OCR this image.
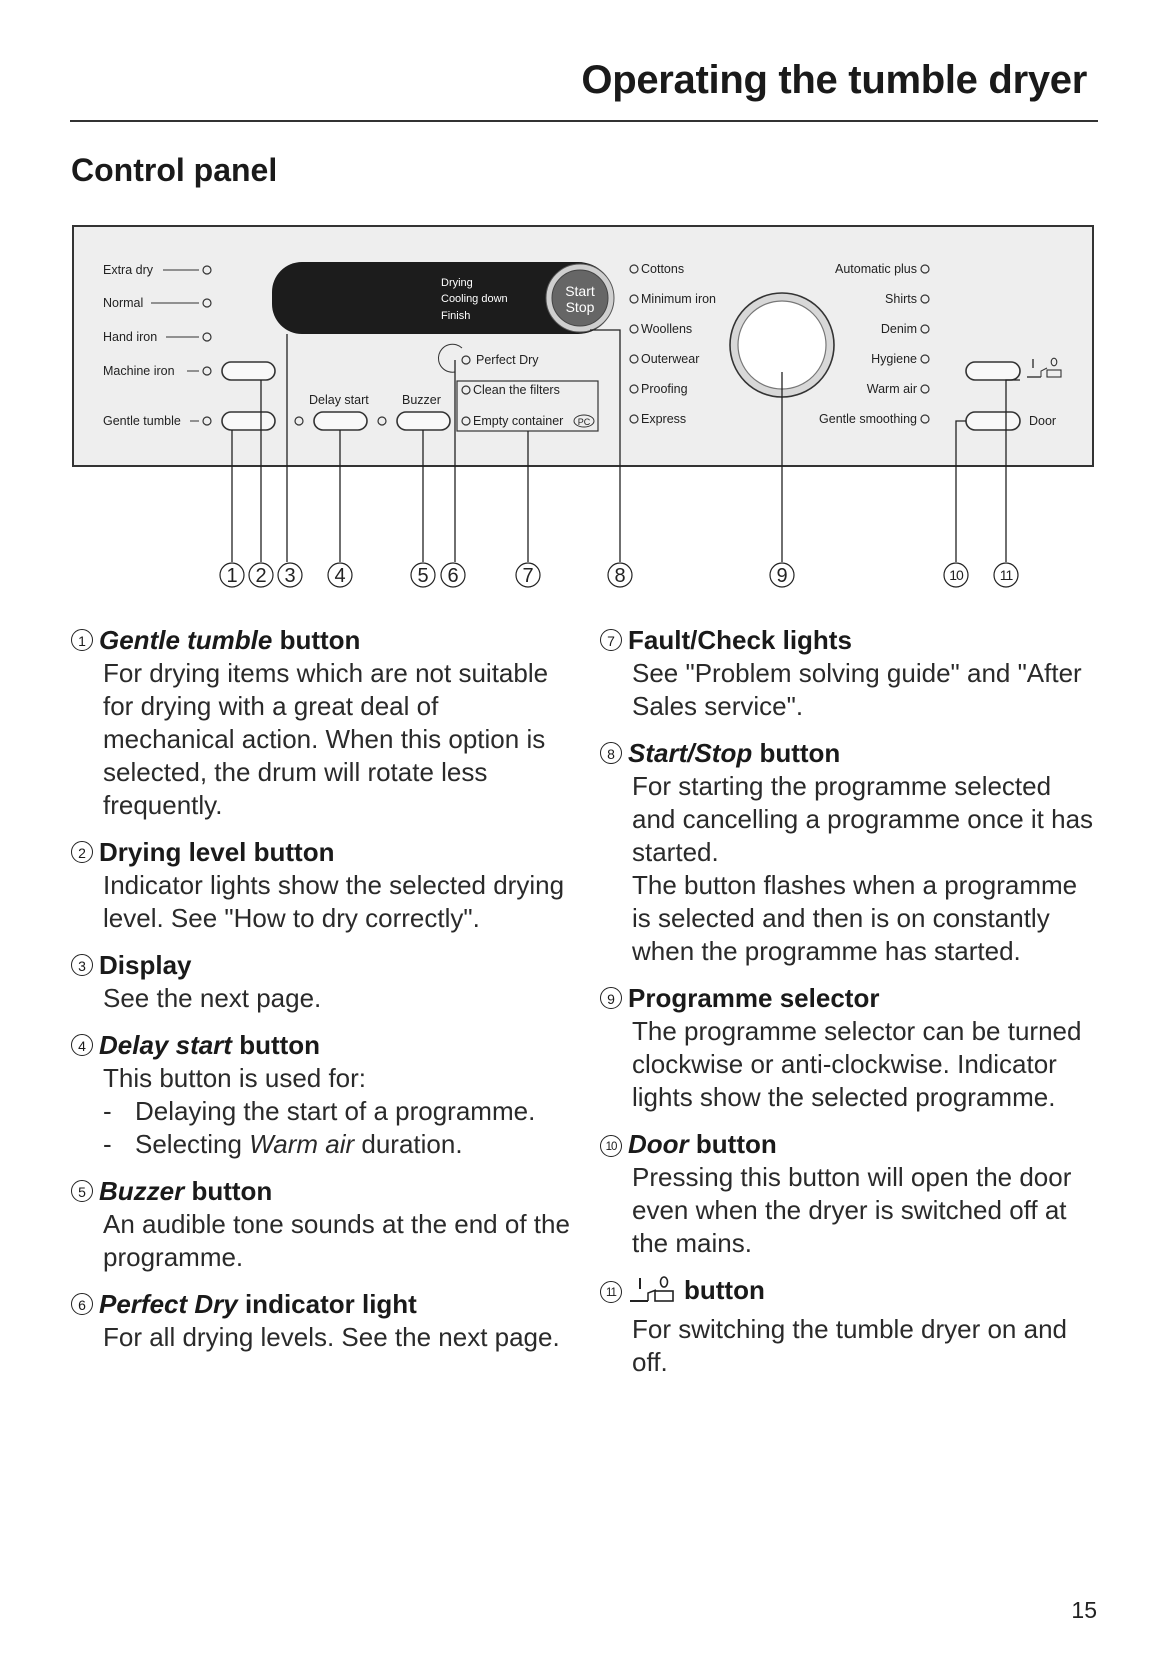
Operating the tumble dryer
Control panel
Extra dry
Normal
Hand iron
Machine iron
Gentle tumble
Delay start	Buzzer
Drying
Cooling down
Finish
Start
Stop
Perfect Dry
Clean the filters
Empty container PC
Cottons
Minimum iron
Woollens
Outerwear
Proofing
Express
Automatic plus
Shirts
Denim
Hygiene
Warm air
Gentle smoothing	Door
1 2 3 4	5 6	7	8	9	10	11
1 Gentle tumble button
For drying items which are not suitable for drying with a great deal of mechanical action. When this option is selected, the drum will rotate less frequently.
2 Drying level button
Indicator lights show the selected drying level. See "How to dry correctly".
3 Display
See the next page.
4 Delay start button
This button is used for:
- Delaying the start of a programme.
- Selecting Warm air duration.
5 Buzzer button
An audible tone sounds at the end of the programme.
6 Perfect Dry indicator light
For all drying levels. See the next page.
7 Fault/Check lights
See "Problem solving guide" and "After Sales service".
8 Start/Stop button
For starting the programme selected and cancelling a programme once it has started.
The button flashes when a programme is selected and then is on constantly when the programme has started.
9 Programme selector
The programme selector can be turned clockwise or anti-clockwise. Indicator lights show the selected programme.
10 Door button
Pressing this button will open the door even when the dryer is switched off at the mains.
11	button
For switching the tumble dryer on and off.
15
